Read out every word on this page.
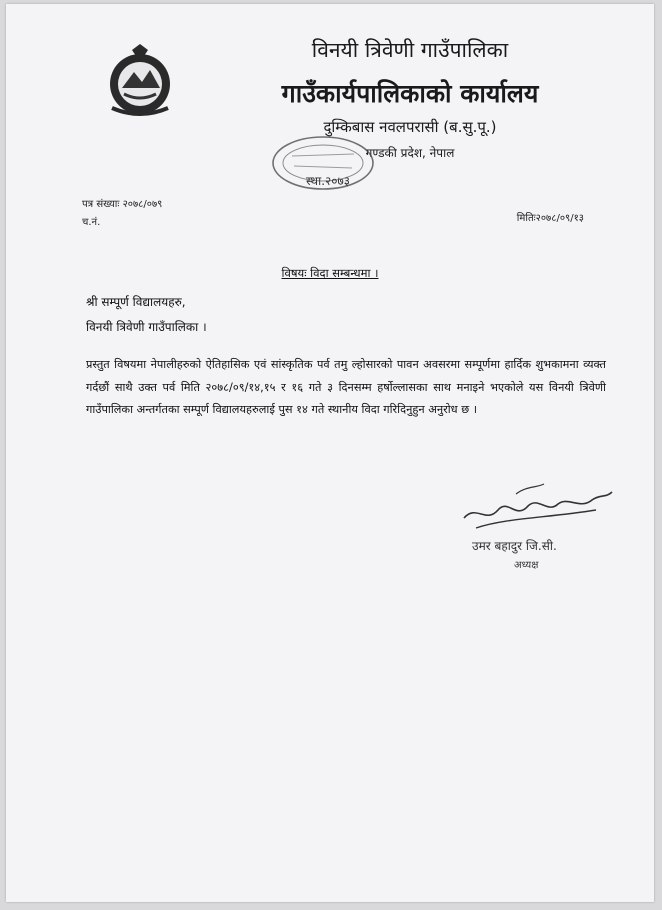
विनयी त्रिवेणी गाउँपालिका
गाउँकार्यपालिकाको कार्यालय
दुम्किबास नवलपरासी (ब.सु.पू.)
गण्डकी प्रदेश, नेपाल
स्था.२०७३
पत्र संख्याः २०७८/०७९
च.नं.	मितिः२०७८/०९/१३
विषयः विदा सम्बन्धमा ।
श्री सम्पूर्ण विद्यालयहरु,
विनयी त्रिवेणी गाउँपालिका ।
प्रस्तुत विषयमा नेपालीहरुको ऐतिहासिक एवं सांस्कृतिक पर्व तमु ल्होसारको पावन अवसरमा सम्पूर्णमा हार्दिक शुभकामना व्यक्त गर्दछौं साथै उक्त पर्व मिति २०७८/०९/१४,१५ र १६ गते ३ दिनसम्म हर्षोल्लासका साथ मनाइने भएकोले यस विनयी त्रिवेणी गाउँपालिका अन्तर्गतका सम्पूर्ण विद्यालयहरुलाई पुस १४ गते स्थानीय विदा गरिदिनुहुन अनुरोध छ ।
उमर बहादुर जि.सी.
अध्यक्ष
